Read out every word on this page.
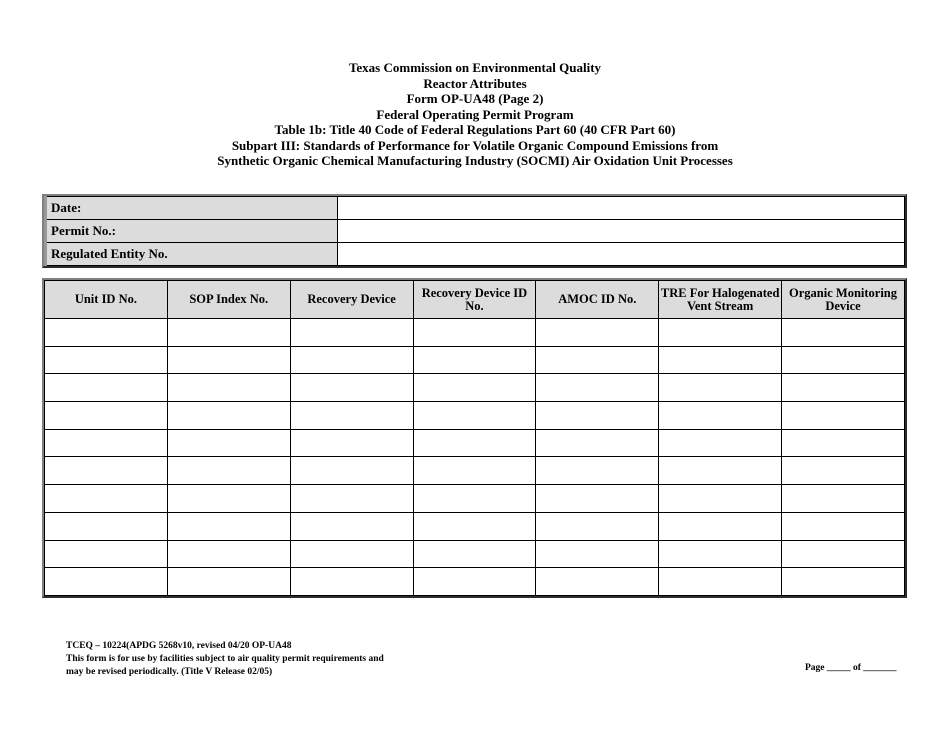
Texas Commission on Environmental Quality
Reactor Attributes
Form OP-UA48 (Page 2)
Federal Operating Permit Program
Table 1b: Title 40 Code of Federal Regulations Part 60 (40 CFR Part 60)
Subpart III: Standards of Performance for Volatile Organic Compound Emissions from
Synthetic Organic Chemical Manufacturing Industry (SOCMI) Air Oxidation Unit Processes
Date:	
Permit No.:	
Regulated Entity No.	
Unit ID No.	SOP Index No.	Recovery Device	Recovery Device ID No.	AMOC ID No.	TRE For Halogenated Vent Stream	Organic Monitoring Device

TCEQ – 10224(APDG 5268v10, revised 04/20 OP-UA48
This form is for use by facilities subject to air quality permit requirements and
may be revised periodically. (Title V Release 02/05)	Page _____ of _______
